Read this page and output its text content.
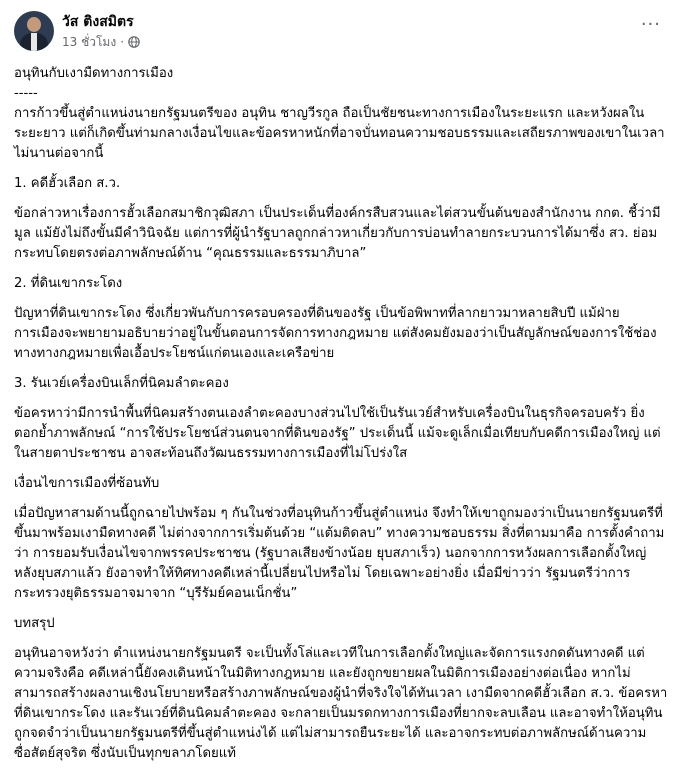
วัส ติงสมิตร
13 ชั่วโมง ·
···

อนุทินกับเงามืดทางการเมือง

-----

การก้าวขึ้นสู่ตำแหน่งนายกรัฐมนตรีของ อนุทิน ชาญวีรกูล ถือเป็นชัยชนะทางการเมืองในระยะแรก และหวังผลในระยะยาว แต่ก็เกิดขึ้นท่ามกลางเงื่อนไขและข้อครหาหนักที่อาจบั่นทอนความชอบธรรมและเสถียรภาพของเขาในเวลาไม่นานต่อจากนี้

1. คดีฮั้วเลือก ส.ว.

ข้อกล่าวหาเรื่องการฮั้วเลือกสมาชิกวุฒิสภา เป็นประเด็นที่องค์กรสืบสวนและไต่สวนขั้นต้นของสำนักงาน กกต. ชี้ว่ามีมูล แม้ยังไม่ถึงขั้นมีคำวินิจฉัย แต่การที่ผู้นำรัฐบาลถูกกล่าวหาเกี่ยวกับการบ่อนทำลายกระบวนการได้มาซึ่ง สว. ย่อมกระทบโดยตรงต่อภาพลักษณ์ด้าน “คุณธรรมและธรรมาภิบาล”

2. ที่ดินเขากระโดง

ปัญหาที่ดินเขากระโดง ซึ่งเกี่ยวพันกับการครอบครองที่ดินของรัฐ เป็นข้อพิพาทที่ลากยาวมาหลายสิบปี แม้ฝ่ายการเมืองจะพยายามอธิบายว่าอยู่ในขั้นตอนการจัดการทางกฎหมาย แต่สังคมยังมองว่าเป็นสัญลักษณ์ของการใช้ช่องทางทางกฎหมายเพื่อเอื้อประโยชน์แก่ตนเองและเครือข่าย

3. รันเวย์เครื่องบินเล็กที่นิคมลำตะคอง

ข้อครหาว่ามีการนำพื้นที่นิคมสร้างตนเองลำตะคองบางส่วนไปใช้เป็นรันเวย์สำหรับเครื่องบินในธุรกิจครอบครัว ยิ่งตอกย้ำภาพลักษณ์ “การใช้ประโยชน์ส่วนตนจากที่ดินของรัฐ” ประเด็นนี้ แม้จะดูเล็กเมื่อเทียบกับคดีการเมืองใหญ่ แต่ในสายตาประชาชน อาจสะท้อนถึงวัฒนธรรมทางการเมืองที่ไม่โปร่งใส

เงื่อนไขการเมืองที่ซ้อนทับ

เมื่อปัญหาสามด้านนี้ถูกฉายไปพร้อม ๆ กันในช่วงที่อนุทินก้าวขึ้นสู่ตำแหน่ง จึงทำให้เขาถูกมองว่าเป็นนายกรัฐมนตรีที่ขึ้นมาพร้อมเงามืดทางคดี ไม่ต่างจากการเริ่มต้นด้วย “แต้มติดลบ” ทางความชอบธรรม สิ่งที่ตามมาคือ การตั้งคำถามว่า การยอมรับเงื่อนไขจากพรรคประชาชน (รัฐบาลเสียงข้างน้อย ยุบสภาเร็ว) นอกจากการหวังผลการเลือกตั้งใหญ่หลังยุบสภาแล้ว ยังอาจทำให้ทิศทางคดีเหล่านี้เปลี่ยนไปหรือไม่ โดยเฉพาะอย่างยิ่ง เมื่อมีข่าวว่า รัฐมนตรีว่าการกระทรวงยุติธรรมอาจมาจาก “บุรีรัมย์คอนเน็กชั่น”

บทสรุป

อนุทินอาจหวังว่า ตำแหน่งนายกรัฐมนตรี จะเป็นทั้งโล่และเวทีในการเลือกตั้งใหญ่และจัดการแรงกดดันทางคดี แต่ความจริงคือ คดีเหล่านี้ยังคงเดินหน้าในมิติทางกฎหมาย และยังถูกขยายผลในมิติการเมืองอย่างต่อเนื่อง หากไม่สามารถสร้างผลงานเชิงนโยบายหรือสร้างภาพลักษณ์ของผู้นำที่จริงใจได้ทันเวลา เงามืดจากคดีฮั้วเลือก ส.ว. ข้อครหาที่ดินเขากระโดง และรันเวย์ที่ดินนิคมลำตะคอง จะกลายเป็นมรดกทางการเมืองที่ยากจะลบเลือน และอาจทำให้อนุทินถูกจดจำว่าเป็นนายกรัฐมนตรีที่ขึ้นสู่ตำแหน่งได้ แต่ไม่สามารถยืนระยะได้ และอาจกระทบต่อภาพลักษณ์ด้านความซื่อสัตย์สุจริต ซึ่งนับเป็นทุกขลาภโดยแท้
